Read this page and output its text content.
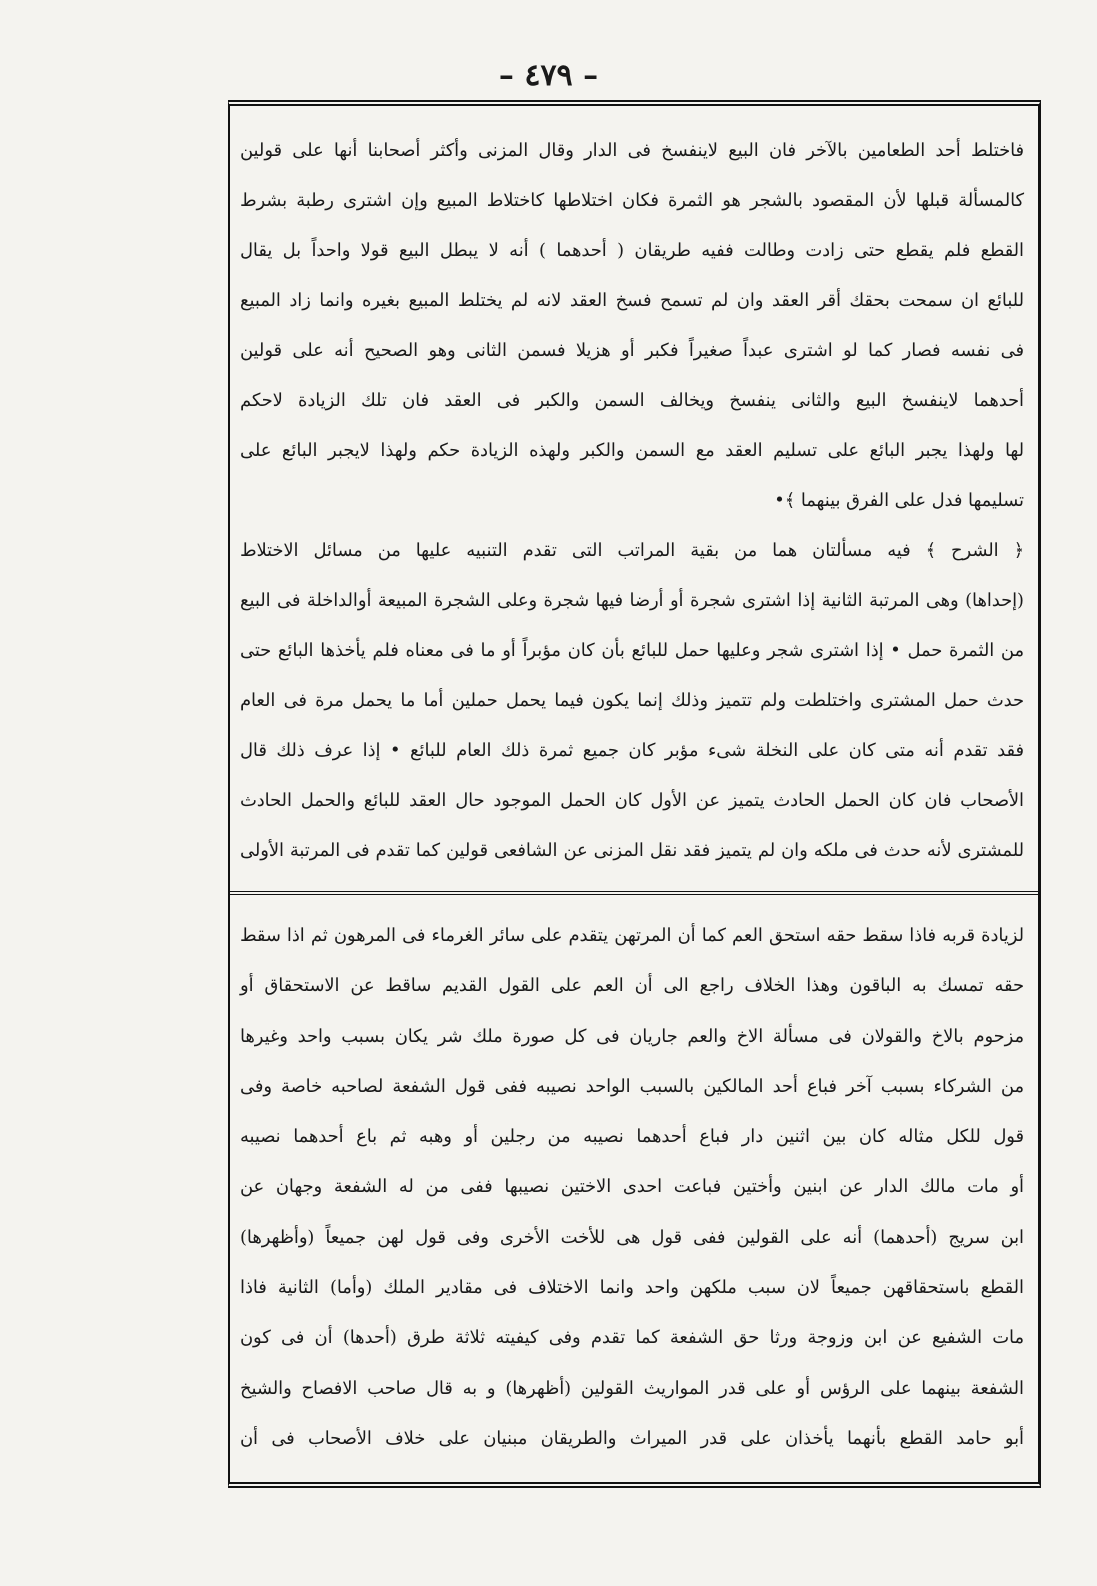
– ٤٧٩ –
فاختلط أحد الطعامين بالآخر فان البيع لاينفسخ فى الدار وقال المزنى وأكثر أصحابنا أنها على قولين
كالمسألة قبلها لأن المقصود بالشجر هو الثمرة فكان اختلاطها كاختلاط المبيع وإن اشترى رطبة بشرط
القطع فلم يقطع حتى زادت وطالت ففيه طريقان ( أحدهما ) أنه لا يبطل البيع قولا واحداً بل يقال
للبائع ان سمحت بحقك أقر العقد وان لم تسمح فسخ العقد لانه لم يختلط المبيع بغيره وانما زاد المبيع
فى نفسه فصار كما لو اشترى عبداً صغيراً فكبر أو هزيلا فسمن الثانى وهو الصحيح أنه على قولين
أحدهما لاينفسخ البيع والثانى ينفسخ ويخالف السمن والكبر فى العقد فان تلك الزيادة لاحكم
لها ولهذا يجبر البائع على تسليم العقد مع السمن والكبر ولهذه الزيادة حكم ولهذا لايجبر البائع على
تسليمها فدل على الفرق بينهما ﴾•
﴿ الشرح ﴾ فيه مسألتان هما من بقية المراتب التى تقدم التنبيه عليها من مسائل الاختلاط
(إحداها) وهى المرتبة الثانية إذا اشترى شجرة أو أرضا فيها شجرة وعلى الشجرة المبيعة أوالداخلة فى البيع
من الثمرة حمل • إذا اشترى شجر وعليها حمل للبائع بأن كان مؤبراً أو ما فى معناه فلم يأخذها البائع حتى
حدث حمل المشترى واختلطت ولم تتميز وذلك إنما يكون فيما يحمل حملين أما ما يحمل مرة فى العام
فقد تقدم أنه متى كان على النخلة شىء مؤبر كان جميع ثمرة ذلك العام للبائع • إذا عرف ذلك قال
الأصحاب فان كان الحمل الحادث يتميز عن الأول كان الحمل الموجود حال العقد للبائع والحمل الحادث
للمشترى لأنه حدث فى ملكه وان لم يتميز فقد نقل المزنى عن الشافعى قولين كما تقدم فى المرتبة الأولى
لزيادة قربه فاذا سقط حقه استحق العم كما أن المرتهن يتقدم على سائر الغرماء فى المرهون ثم اذا سقط
حقه تمسك به الباقون وهذا الخلاف راجع الى أن العم على القول القديم ساقط عن الاستحقاق أو
مزحوم بالاخ والقولان فى مسألة الاخ والعم جاريان فى كل صورة ملك شر يكان بسبب واحد وغيرها
من الشركاء بسبب آخر فباع أحد المالكين بالسبب الواحد نصيبه ففى قول الشفعة لصاحبه خاصة وفى
قول للكل مثاله كان بين اثنين دار فباع أحدهما نصيبه من رجلين أو وهبه ثم باع أحدهما نصيبه
أو مات مالك الدار عن ابنين وأختين فباعت احدى الاختين نصيبها ففى من له الشفعة وجهان عن
ابن سريج (أحدهما) أنه على القولين ففى قول هى للأخت الأخرى وفى قول لهن جميعاً (وأظهرها)
القطع باستحقاقهن جميعاً لان سبب ملكهن واحد وانما الاختلاف فى مقادير الملك (وأما) الثانية فاذا
مات الشفيع عن ابن وزوجة ورثا حق الشفعة كما تقدم وفى كيفيته ثلاثة طرق (أحدها) أن فى كون
الشفعة بينهما على الرؤس أو على قدر المواريث القولين (أظهرها) و به قال صاحب الافصاح والشيخ
أبو حامد القطع بأنهما يأخذان على قدر الميراث والطريقان مبنيان على خلاف الأصحاب فى أن
